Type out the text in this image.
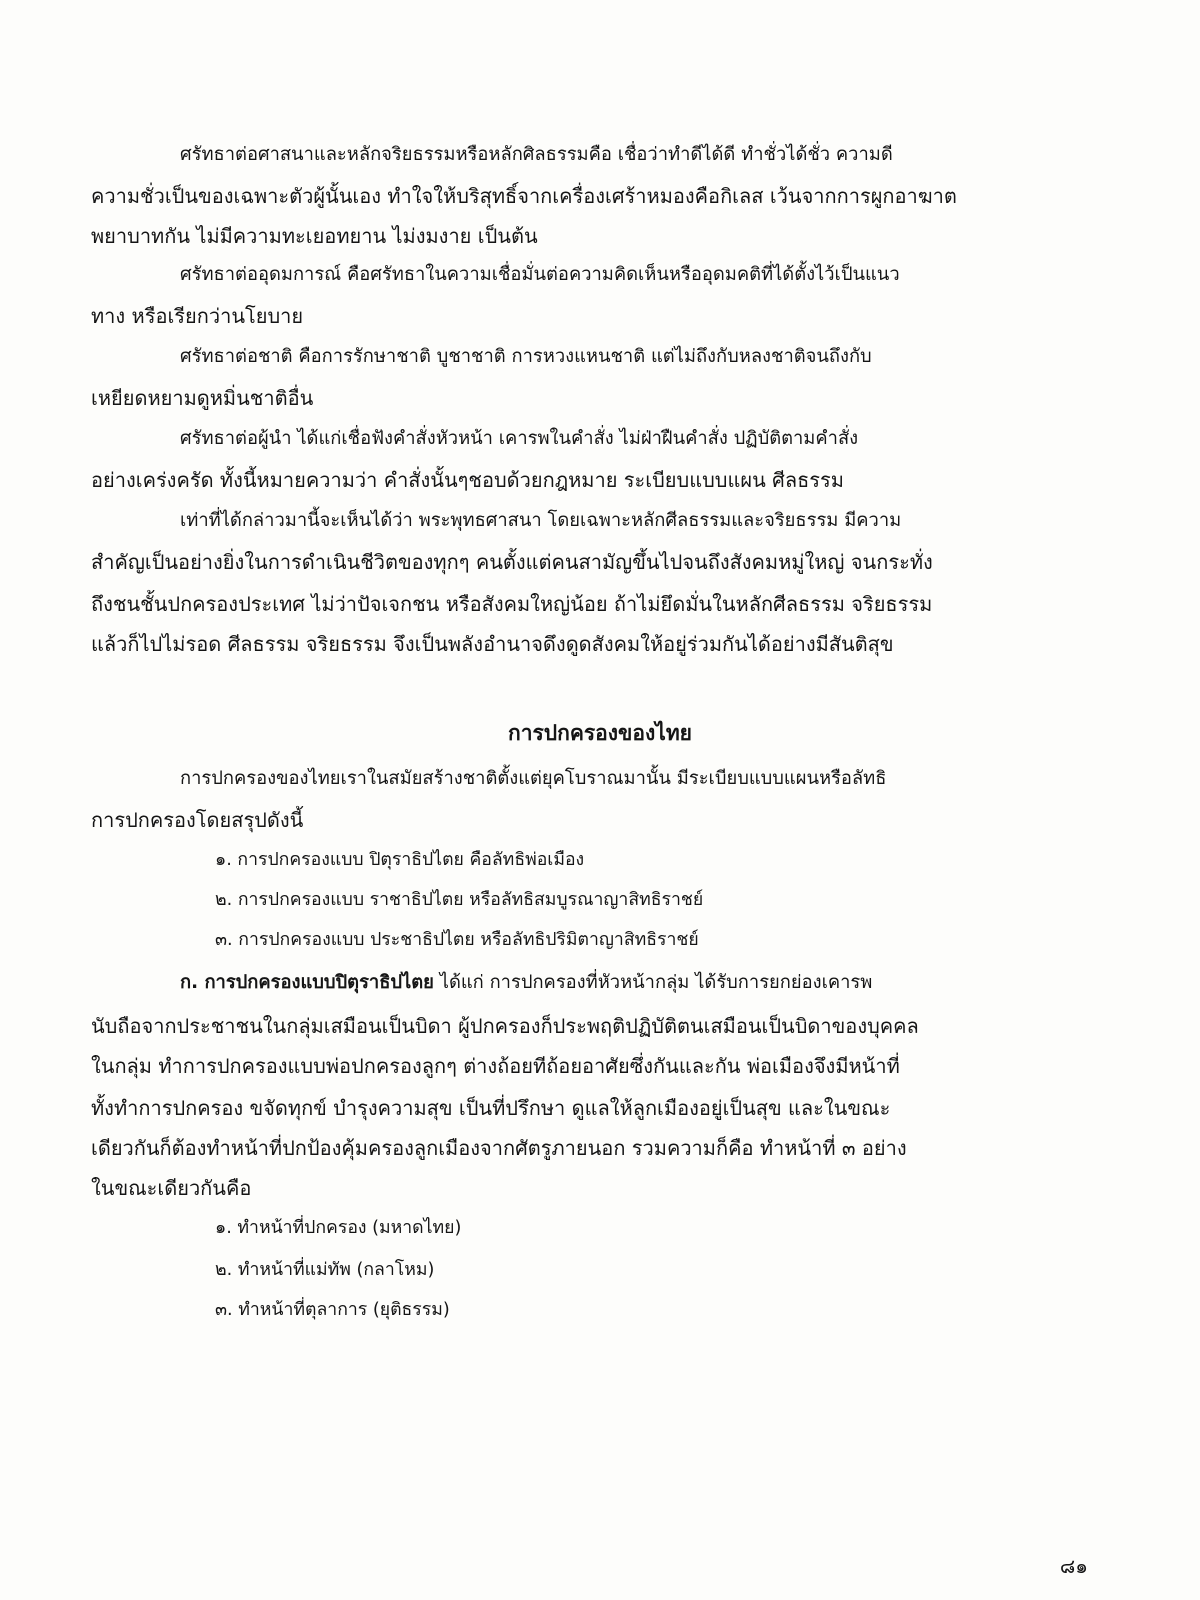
ศรัทธาต่อศาสนาและหลักจริยธรรมหรือหลักศิลธรรมคือ เชื่อว่าทำดีได้ดี ทำชั่วได้ชั่ว ความดี
ความชั่วเป็นของเฉพาะตัวผู้นั้นเอง ทำใจให้บริสุทธิ์จากเครื่องเศร้าหมองคือกิเลส เว้นจากการผูกอาฆาต
พยาบาทกัน ไม่มีความทะเยอทยาน ไม่งมงาย เป็นต้น
ศรัทธาต่ออุดมการณ์ คือศรัทธาในความเชื่อมั่นต่อความคิดเห็นหรืออุดมคติที่ได้ตั้งไว้เป็นแนว
ทาง หรือเรียกว่านโยบาย
ศรัทธาต่อชาติ คือการรักษาชาติ บูชาชาติ การหวงแหนชาติ แต่ไม่ถึงกับหลงชาติจนถึงกับ
เหยียดหยามดูหมิ่นชาติอื่น
ศรัทธาต่อผู้นำ ได้แก่เชื่อฟังคำสั่งหัวหน้า เคารพในคำสั่ง ไม่ฝ่าฝืนคำสั่ง ปฏิบัติตามคำสั่ง
อย่างเคร่งครัด ทั้งนี้หมายความว่า คำสั่งนั้นๆชอบด้วยกฎหมาย ระเบียบแบบแผน ศีลธรรม
เท่าที่ได้กล่าวมานี้จะเห็นได้ว่า พระพุทธศาสนา โดยเฉพาะหลักศีลธรรมและจริยธรรม มีความ
สำคัญเป็นอย่างยิ่งในการดำเนินชีวิตของทุกๆ คนตั้งแต่คนสามัญขึ้นไปจนถึงสังคมหมู่ใหญ่ จนกระทั่ง
ถึงชนชั้นปกครองประเทศ ไม่ว่าปัจเจกชน หรือสังคมใหญ่น้อย ถ้าไม่ยึดมั่นในหลักศีลธรรม จริยธรรม
แล้วก็ไปไม่รอด ศีลธรรม จริยธรรม จึงเป็นพลังอำนาจดึงดูดสังคมให้อยู่ร่วมกันได้อย่างมีสันติสุข
การปกครองของไทย
การปกครองของไทยเราในสมัยสร้างชาติตั้งแต่ยุคโบราณมานั้น มีระเบียบแบบแผนหรือลัทธิ
การปกครองโดยสรุปดังนี้
๑. การปกครองแบบ ปิตุราธิปไตย คือลัทธิพ่อเมือง
๒. การปกครองแบบ ราชาธิปไตย หรือลัทธิสมบูรณาญาสิทธิราชย์
๓. การปกครองแบบ ประชาธิปไตย หรือลัทธิปริมิตาญาสิทธิราชย์
ก. การปกครองแบบปิตุราธิปไตย ได้แก่ การปกครองที่หัวหน้ากลุ่ม ได้รับการยกย่องเคารพ
นับถือจากประชาชนในกลุ่มเสมือนเป็นบิดา ผู้ปกครองก็ประพฤติปฏิบัติตนเสมือนเป็นบิดาของบุคคล
ในกลุ่ม ทำการปกครองแบบพ่อปกครองลูกๆ ต่างถ้อยทีถ้อยอาศัยซึ่งกันและกัน พ่อเมืองจึงมีหน้าที่
ทั้งทำการปกครอง ขจัดทุกข์ บำรุงความสุข เป็นที่ปรึกษา ดูแลให้ลูกเมืองอยู่เป็นสุข และในขณะ
เดียวกันก็ต้องทำหน้าที่ปกป้องคุ้มครองลูกเมืองจากศัตรูภายนอก รวมความก็คือ ทำหน้าที่ ๓ อย่าง
ในขณะเดียวกันคือ
๑. ทำหน้าที่ปกครอง (มหาดไทย)
๒. ทำหน้าที่แม่ทัพ (กลาโหม)
๓. ทำหน้าที่ตุลาการ (ยุติธรรม)
๘๑
